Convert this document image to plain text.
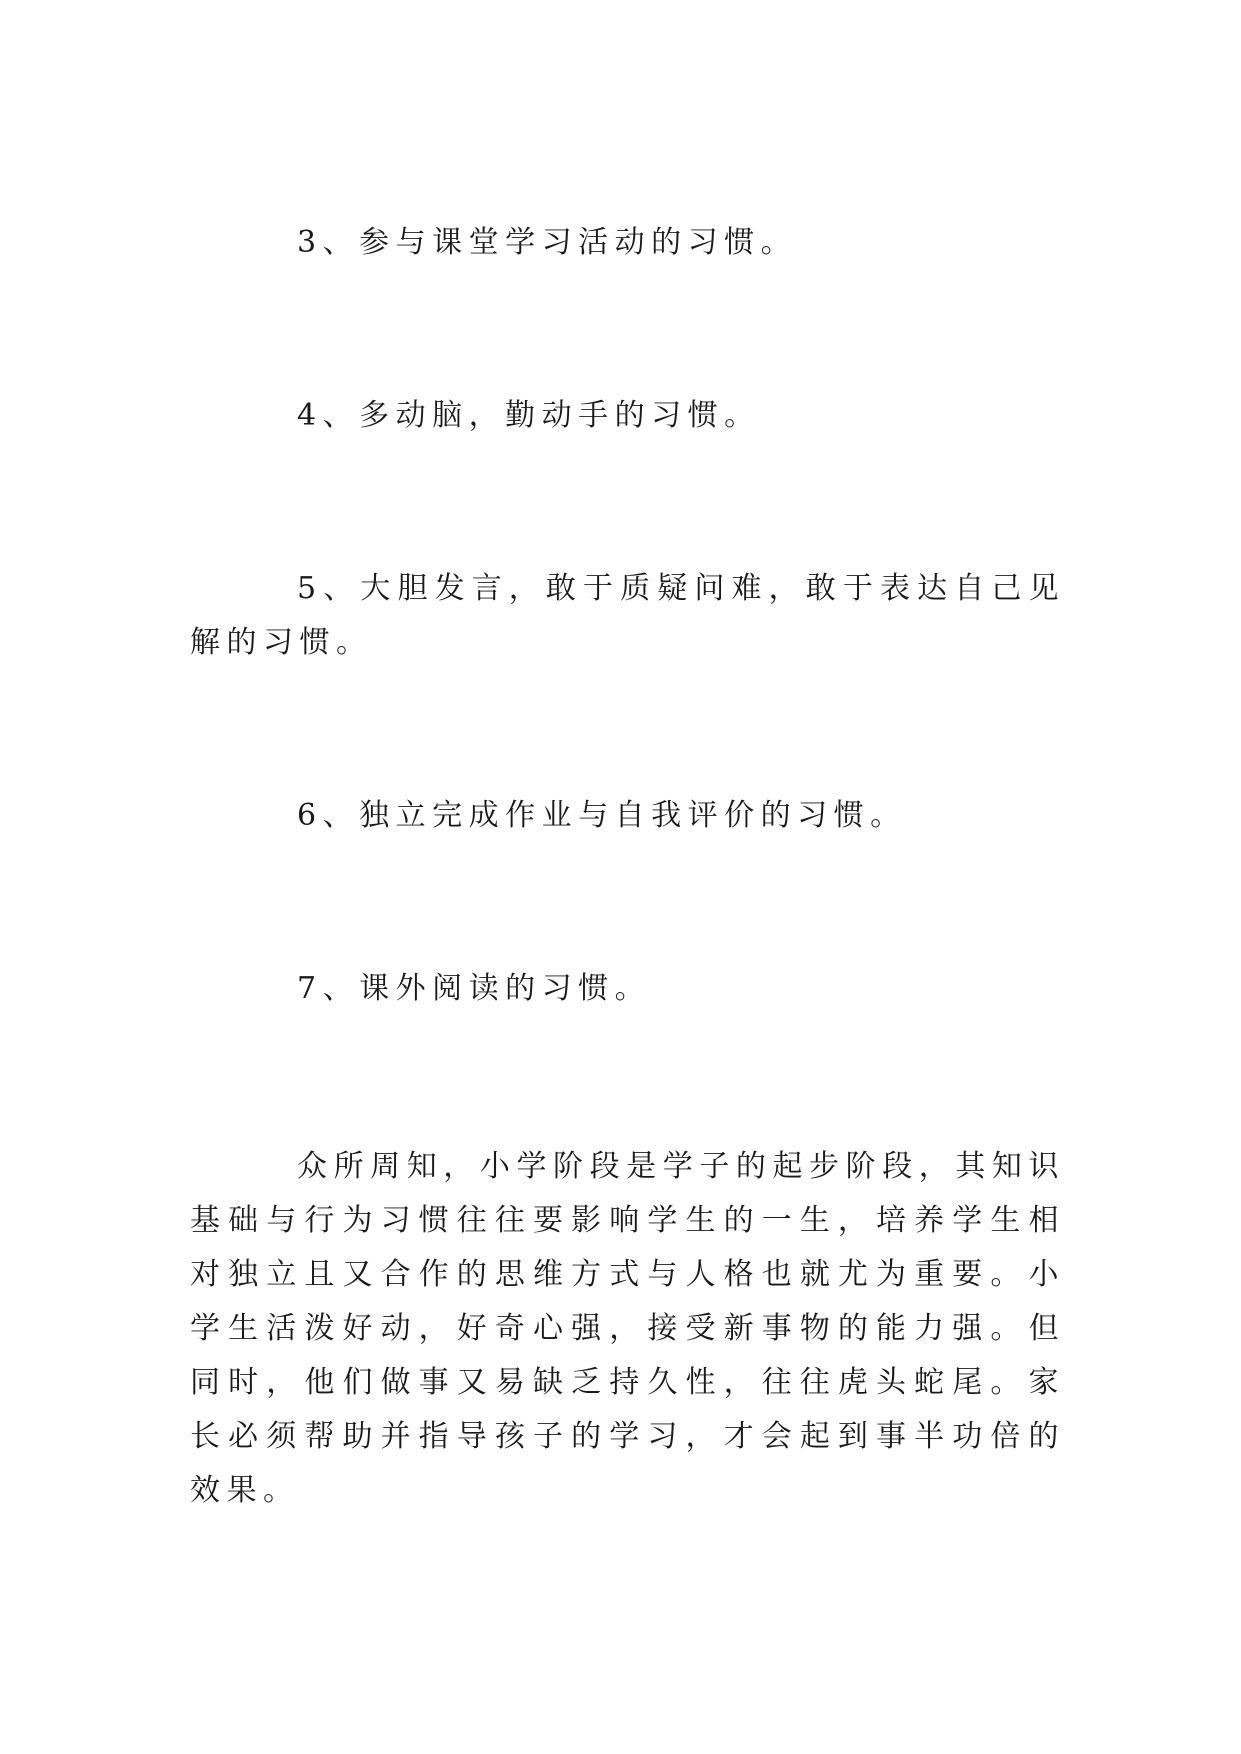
3、参与课堂学习活动的习惯。

4、多动脑，勤动手的习惯。

5、大胆发言，敢于质疑问难，敢于表达自己见解的习惯。

6、独立完成作业与自我评价的习惯。

7、课外阅读的习惯。

众所周知，小学阶段是学子的起步阶段，其知识基础与行为习惯往往要影响学生的一生，培养学生相对独立且又合作的思维方式与人格也就尤为重要。小学生活泼好动，好奇心强，接受新事物的能力强。但同时，他们做事又易缺乏持久性，往往虎头蛇尾。家长必须帮助并指导孩子的学习，才会起到事半功倍的效果。
